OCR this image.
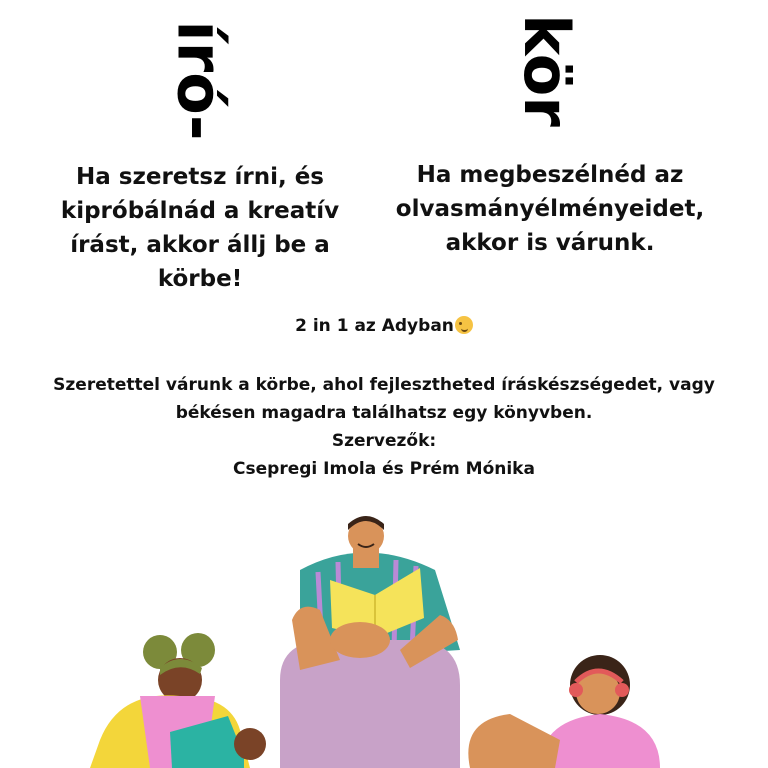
író-	kör
Ha szeretsz írni, és
kipróbálnád a kreatív
írást, akkor állj be a körbe!
Ha megbeszélnéd az
olvasmányélményeidet,
akkor is várunk.
2 in 1 az Adyban
Szeretettel várunk a körbe, ahol fejlesztheted íráskészségedet, vagy
békésen magadra találhatsz egy könyvben.
Szervezők:
Csepregi Imola és Prém Mónika
